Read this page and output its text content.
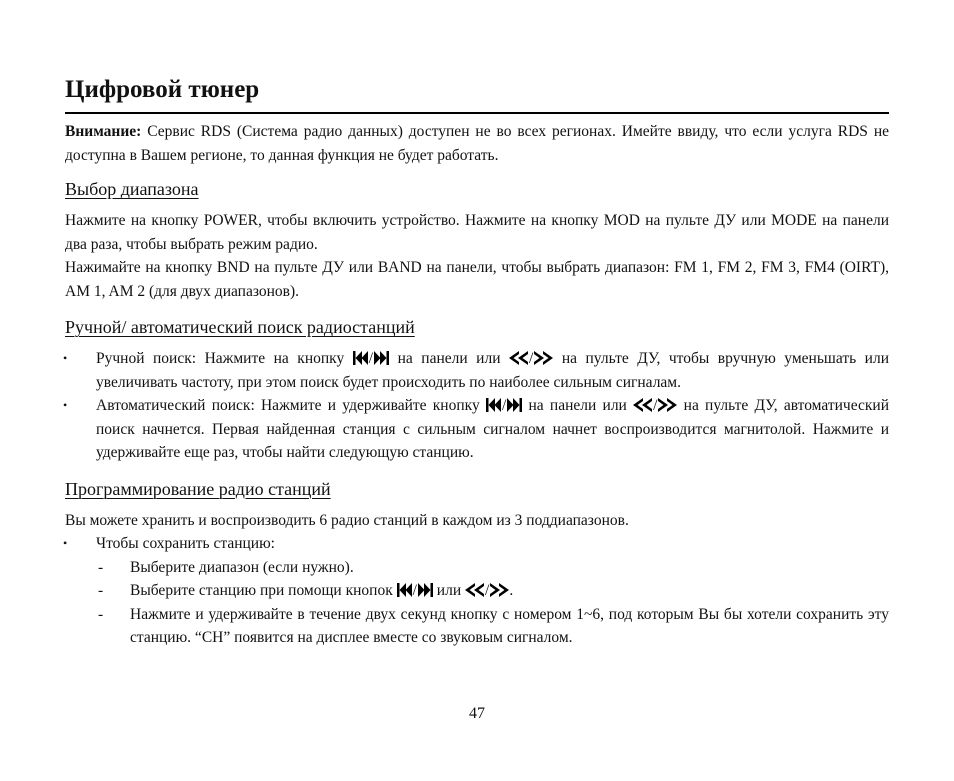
Цифровой тюнер

Внимание: Сервис RDS (Система радио данных) доступен не во всех регионах. Имейте ввиду, что если услуга RDS не доступна в Вашем регионе, то данная функция не будет работать.

Выбор диапазона

Нажмите на кнопку POWER, чтобы включить устройство. Нажмите на кнопку MOD на пульте ДУ или MODE на панели два раза, чтобы выбрать режим радио.

Нажимайте на кнопку BND на пульте ДУ или BAND на панели, чтобы выбрать диапазон: FM 1, FM 2, FM 3, FM4 (OIRT), AM 1, AM 2 (для двух диапазонов).

Ручной/ автоматический поиск радиостанций
• Ручной поиск: Нажмите на кнопку
/
на панели или
/
на пульте ДУ, чтобы вручную уменьшать или увеличивать частоту, при этом поиск будет происходить по наиболее сильным сигналам.
• Автоматический поиск: Нажмите и удерживайте кнопку
/
на панели или
/
на пульте ДУ, автоматический поиск начнется. Первая найденная станция с сильным сигналом начнет воспроизводится магнитолой. Нажмите и удерживайте еще раз, чтобы найти следующую станцию.
Программирование радио станций

Вы можете хранить и воспроизводить 6 радио станций в каждом из 3 поддиапазонов.

• Чтобы сохранить станцию:
- Выберите диапазон (если нужно).
- Выберите станцию при помощи кнопок
/
или
/ .
- Нажмите и удерживайте в течение двух секунд кнопку с номером 1~6, под которым Вы бы хотели сохранить эту станцию. “CH” появится на дисплее вместе со звуковым сигналом.
47
